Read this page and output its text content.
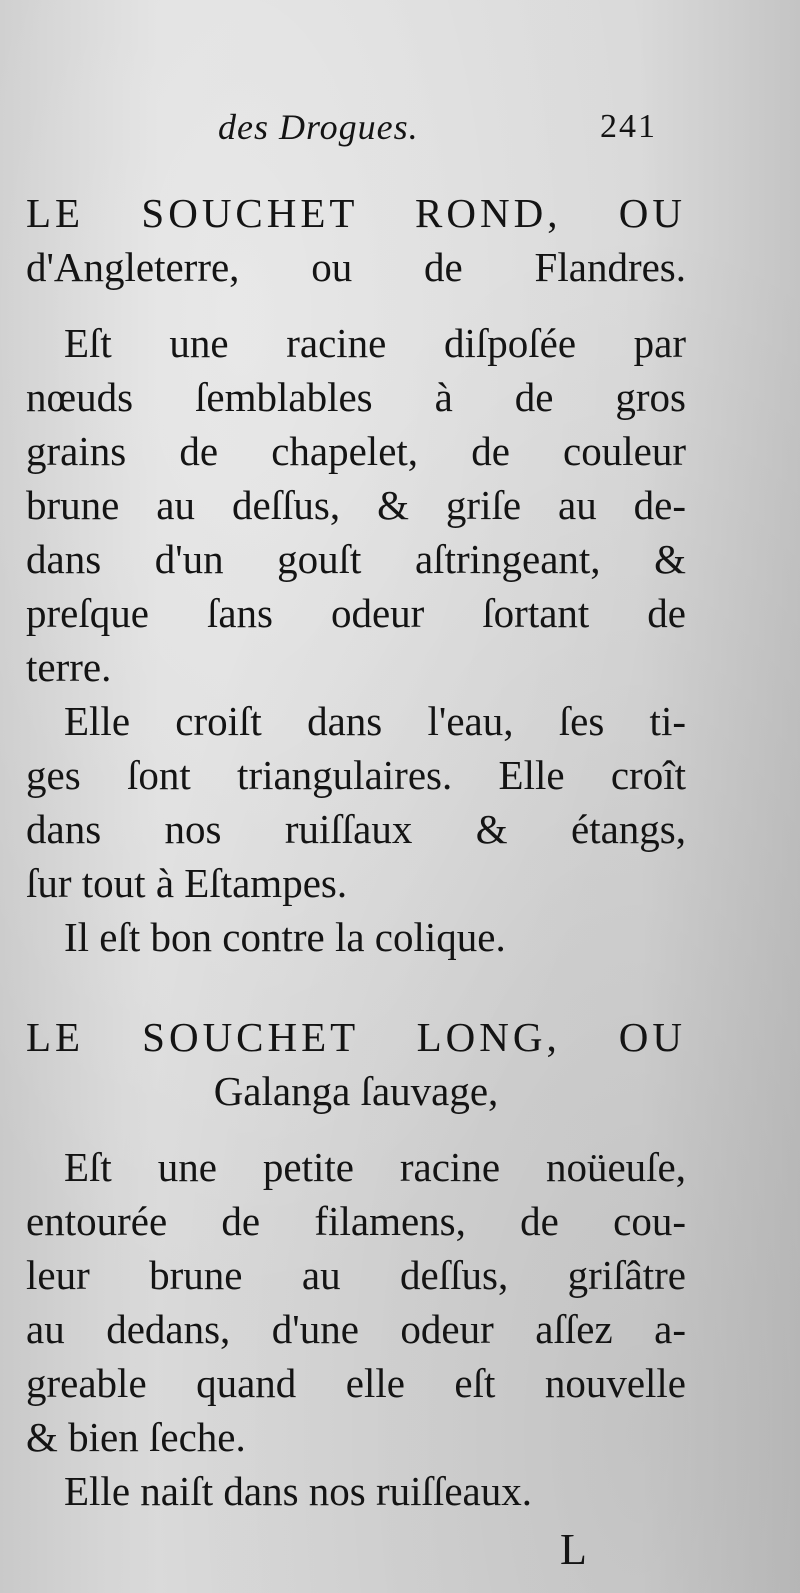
des Drogues.	241
LE SOUCHET ROND, OU
d'Angleterre, ou de Flandres.
Eſt une racine diſpoſée par
nœuds ſemblables à de gros
grains de chapelet, de couleur
brune au deſſus, & griſe au de-
dans d'un gouſt aſtringeant, &
preſque ſans odeur ſortant de
terre.
Elle croiſt dans l'eau, ſes ti-
ges ſont triangulaires. Elle croît
dans nos ruiſſaux & étangs,
ſur tout à Eſtampes.
Il eſt bon contre la colique.
LE SOUCHET LONG, OU
Galanga ſauvage,
Eſt une petite racine noüeuſe,
entourée de filamens, de cou-
leur brune au deſſus, griſâtre
au dedans, d'une odeur aſſez a-
greable quand elle eſt nouvelle
& bien ſeche.
Elle naiſt dans nos ruiſſeaux.
L
